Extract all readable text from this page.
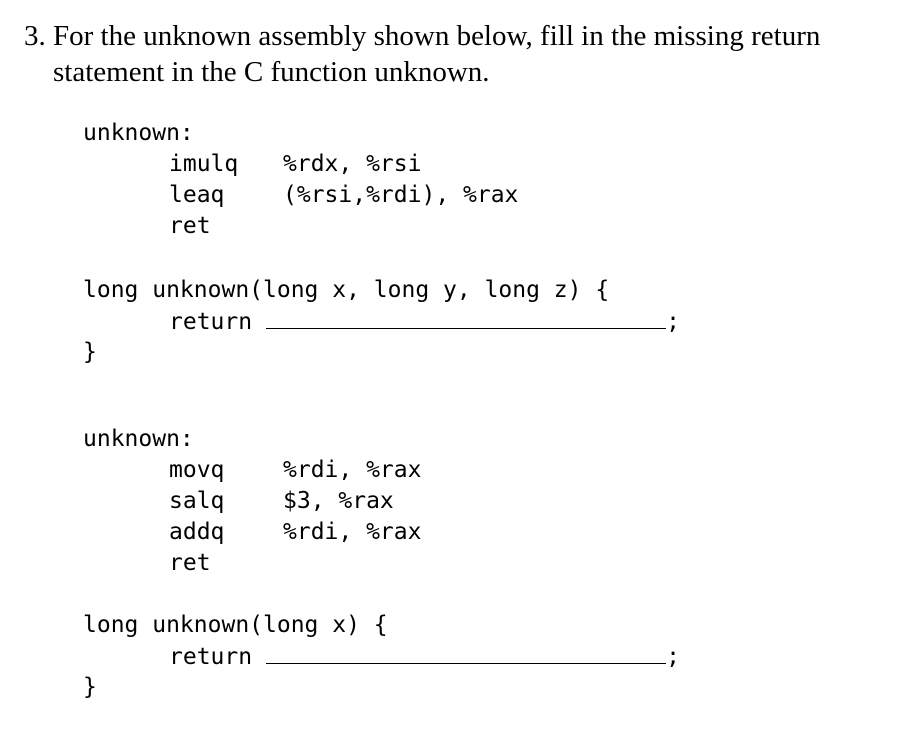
3. For the unknown assembly shown below, fill in the missing return
statement in the C function unknown.
unknown:
imulq %rdx, %rsi
leaq	(%rsi,%rdi), %rax
ret
long unknown(long x, long y, long z) {
return	;
}
unknown:
movq	%rdi, %rax
salq	$3, %rax
addq	%rdi, %rax
ret
long unknown(long x) {
return	;
}
